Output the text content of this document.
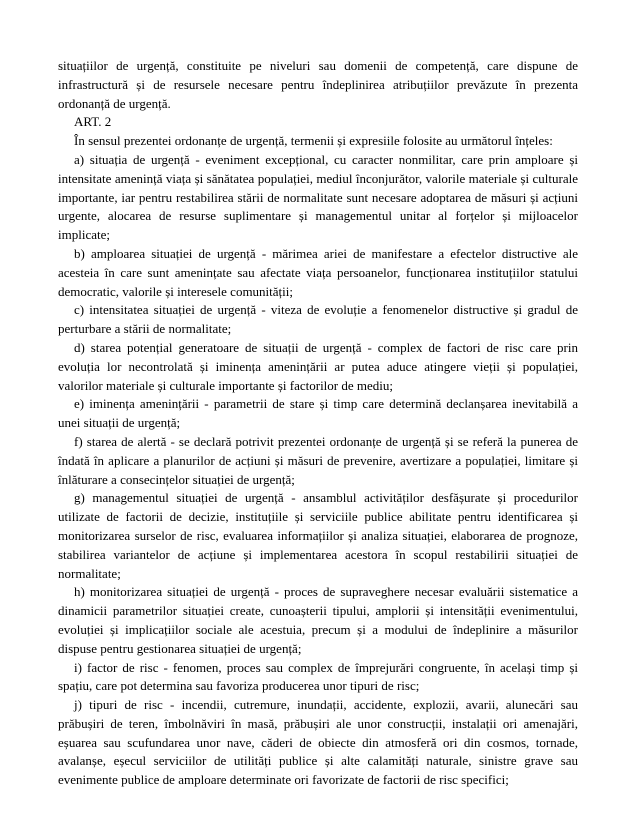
situațiilor de urgență, constituite pe niveluri sau domenii de competență, care dispune de infrastructură și de resursele necesare pentru îndeplinirea atribuțiilor prevăzute în prezenta ordonanță de urgență.

ART. 2

În sensul prezentei ordonanțe de urgență, termenii și expresiile folosite au următorul înțeles:

a) situația de urgență - eveniment excepțional, cu caracter nonmilitar, care prin amploare și intensitate amenință viața și sănătatea populației, mediul înconjurător, valorile materiale și culturale importante, iar pentru restabilirea stării de normalitate sunt necesare adoptarea de măsuri și acțiuni urgente, alocarea de resurse suplimentare și managementul unitar al forțelor și mijloacelor implicate;

b) amploarea situației de urgență - mărimea ariei de manifestare a efectelor distructive ale acesteia în care sunt amenințate sau afectate viața persoanelor, funcționarea instituțiilor statului democratic, valorile și interesele comunității;

c) intensitatea situației de urgență - viteza de evoluție a fenomenelor distructive și gradul de perturbare a stării de normalitate;

d) starea potențial generatoare de situații de urgență - complex de factori de risc care prin evoluția lor necontrolată și iminența amenințării ar putea aduce atingere vieții și populației, valorilor materiale și culturale importante și factorilor de mediu;

e) iminența amenințării - parametrii de stare și timp care determină declanșarea inevitabilă a unei situații de urgență;

f) starea de alertă - se declară potrivit prezentei ordonanțe de urgență și se referă la punerea de îndată în aplicare a planurilor de acțiuni și măsuri de prevenire, avertizare a populației, limitare și înlăturare a consecințelor situației de urgență;

g) managementul situației de urgență - ansamblul activităților desfășurate și procedurilor utilizate de factorii de decizie, instituțiile și serviciile publice abilitate pentru identificarea și monitorizarea surselor de risc, evaluarea informațiilor și analiza situației, elaborarea de prognoze, stabilirea variantelor de acțiune și implementarea acestora în scopul restabilirii situației de normalitate;

h) monitorizarea situației de urgență - proces de supraveghere necesar evaluării sistematice a dinamicii parametrilor situației create, cunoașterii tipului, amplorii și intensității evenimentului, evoluției și implicațiilor sociale ale acestuia, precum și a modului de îndeplinire a măsurilor dispuse pentru gestionarea situației de urgență;

i) factor de risc - fenomen, proces sau complex de împrejurări congruente, în același timp și spațiu, care pot determina sau favoriza producerea unor tipuri de risc;

j) tipuri de risc - incendii, cutremure, inundații, accidente, explozii, avarii, alunecări sau prăbușiri de teren, îmbolnăviri în masă, prăbușiri ale unor construcții, instalații ori amenajări, eșuarea sau scufundarea unor nave, căderi de obiecte din atmosferă ori din cosmos, tornade, avalanșe, eșecul serviciilor de utilități publice și alte calamități naturale, sinistre grave sau evenimente publice de amploare determinate ori favorizate de factorii de risc specifici;
